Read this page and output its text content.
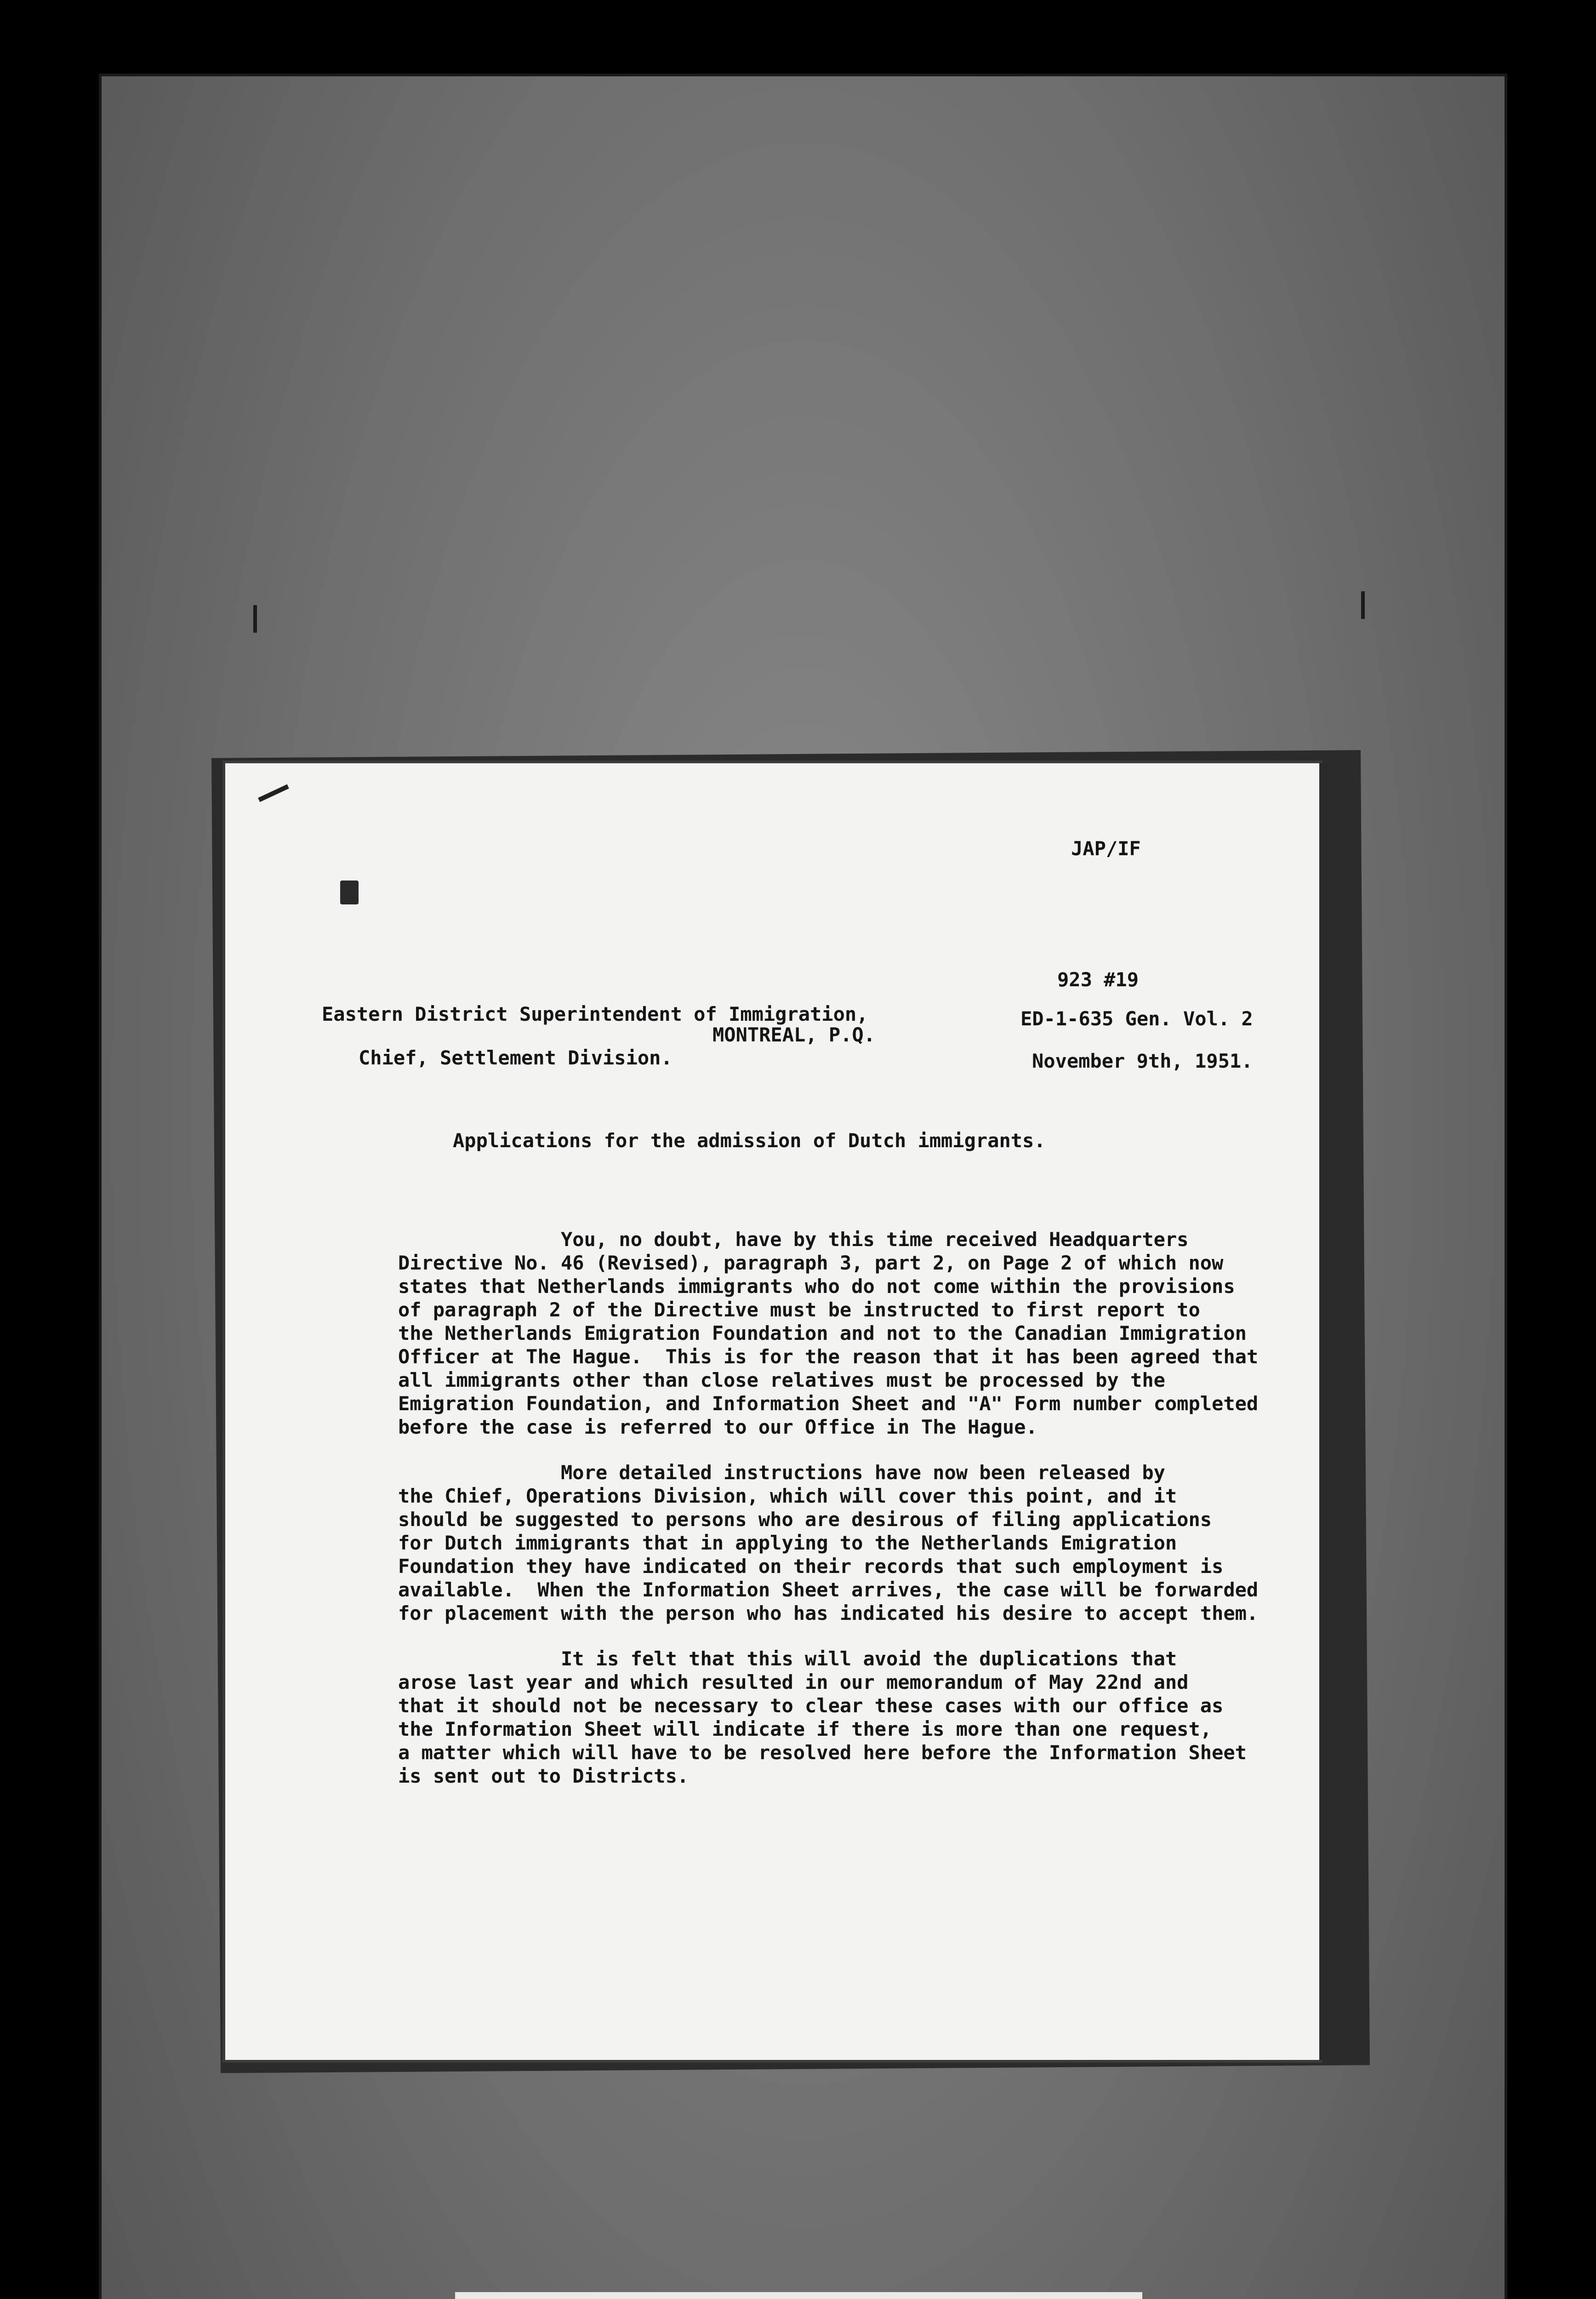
JAP/IF
923 #19
Eastern District Superintendent of Immigration,
MONTREAL, P.Q.
ED-1-635 Gen. Vol. 2
Chief, Settlement Division.	November 9th, 1951.
Applications for the admission of Dutch immigrants.

You, no doubt, have by this time received Headquarters
Directive No. 46 (Revised), paragraph 3, part 2, on Page 2 of which now
states that Netherlands immigrants who do not come within the provisions
of paragraph 2 of the Directive must be instructed to first report to
the Netherlands Emigration Foundation and not to the Canadian Immigration
Officer at The Hague.  This is for the reason that it has been agreed that
all immigrants other than close relatives must be processed by the
Emigration Foundation, and Information Sheet and "A" Form number completed
before the case is referred to our Office in The Hague.

More detailed instructions have now been released by
the Chief, Operations Division, which will cover this point, and it
should be suggested to persons who are desirous of filing applications
for Dutch immigrants that in applying to the Netherlands Emigration
Foundation they have indicated on their records that such employment is
available.  When the Information Sheet arrives, the case will be forwarded
for placement with the person who has indicated his desire to accept them.

It is felt that this will avoid the duplications that
arose last year and which resulted in our memorandum of May 22nd and
that it should not be necessary to clear these cases with our office as
the Information Sheet will indicate if there is more than one request,
a matter which will have to be resolved here before the Information Sheet
is sent out to Districts.
